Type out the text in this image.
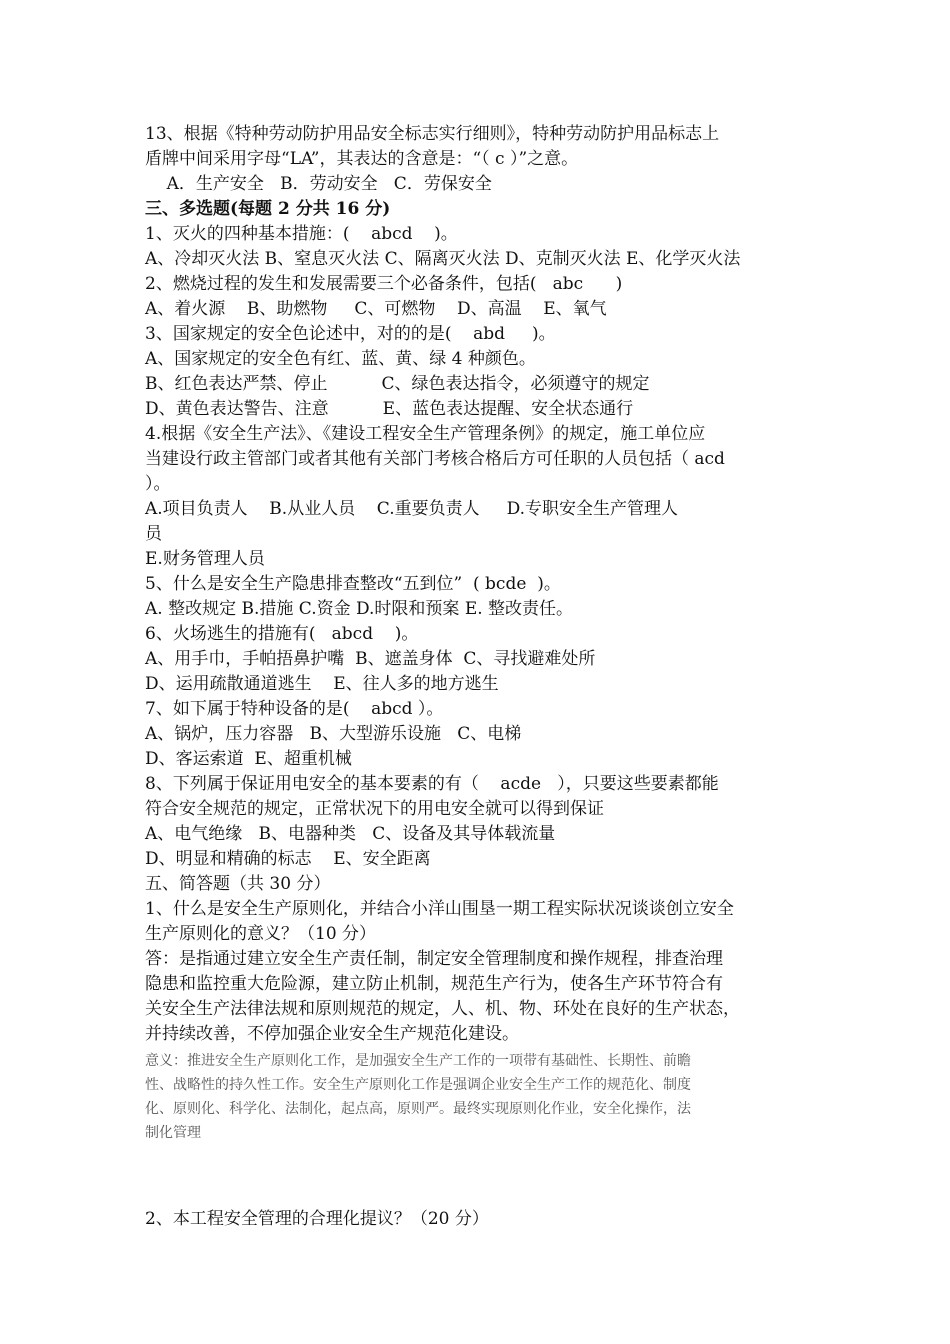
13、根据《特种劳动防护用品安全标志实行细则》，特种劳动防护用品标志上
盾牌中间采用字母“LA”，其表达的含意是：“（ c ）”之意。
A．生产安全   B．劳动安全   C．劳保安全
三、多选题(每题 2 分共 16 分)
1、灭火的四种基本措施：(    abcd    )。
A、冷却灭火法 B、窒息灭火法 C、隔离灭火法 D、克制灭火法 E、化学灭火法
2、燃烧过程的发生和发展需要三个必备条件，包括(   abc      )
A、着火源    B、助燃物     C、可燃物    D、高温    E、氧气
3、国家规定的安全色论述中，对的的是(    abd     )。
A、国家规定的安全色有红、蓝、黄、绿 4 种颜色。
B、红色表达严禁、停止          C、绿色表达指令，必须遵守的规定
D、黄色表达警告、注意          E、蓝色表达提醒、安全状态通行
4.根据《安全生产法》、《建设工程安全生产管理条例》的规定，施工单位应
当建设行政主管部门或者其他有关部门考核合格后方可任职的人员包括（ acd
）。
A.项目负责人    B.从业人员    C.重要负责人     D.专职安全生产管理人
员
E.财务管理人员
5、什么是安全生产隐患排查整改“五到位”  ( bcde  )。
A. 整改规定 B.措施 C.资金 D.时限和预案 E. 整改责任。
6、火场逃生的措施有(   abcd    )。
A、用手巾，手帕捂鼻护嘴  B、遮盖身体  C、寻找避难处所
D、运用疏散通道逃生    E、往人多的地方逃生
7、如下属于特种设备的是(    abcd ）。
A、锅炉，压力容器   B、大型游乐设施   C、电梯
D、客运索道  E、超重机械
8、下列属于保证用电安全的基本要素的有（    acde   ），只要这些要素都能
符合安全规范的规定，正常状况下的用电安全就可以得到保证
A、电气绝缘   B、电器种类   C、设备及其导体载流量
D、明显和精确的标志    E、安全距离
五、简答题（共 30 分）
1、什么是安全生产原则化，并结合小洋山围垦一期工程实际状况谈谈创立安全
生产原则化的意义？（10 分）
答：是指通过建立安全生产责任制，制定安全管理制度和操作规程，排查治理
隐患和监控重大危险源，建立防止机制，规范生产行为，使各生产环节符合有
关安全生产法律法规和原则规范的规定，人、机、物、环处在良好的生产状态，
并持续改善，不停加强企业安全生产规范化建设。
意义：推进安全生产原则化工作，是加强安全生产工作的一项带有基础性、长期性、前瞻
性、战略性的持久性工作。安全生产原则化工作是强调企业安全生产工作的规范化、制度
化、原则化、科学化、法制化，起点高，原则严。最终实现原则化作业，安全化操作，法
制化管理
2、本工程安全管理的合理化提议？（20 分）
